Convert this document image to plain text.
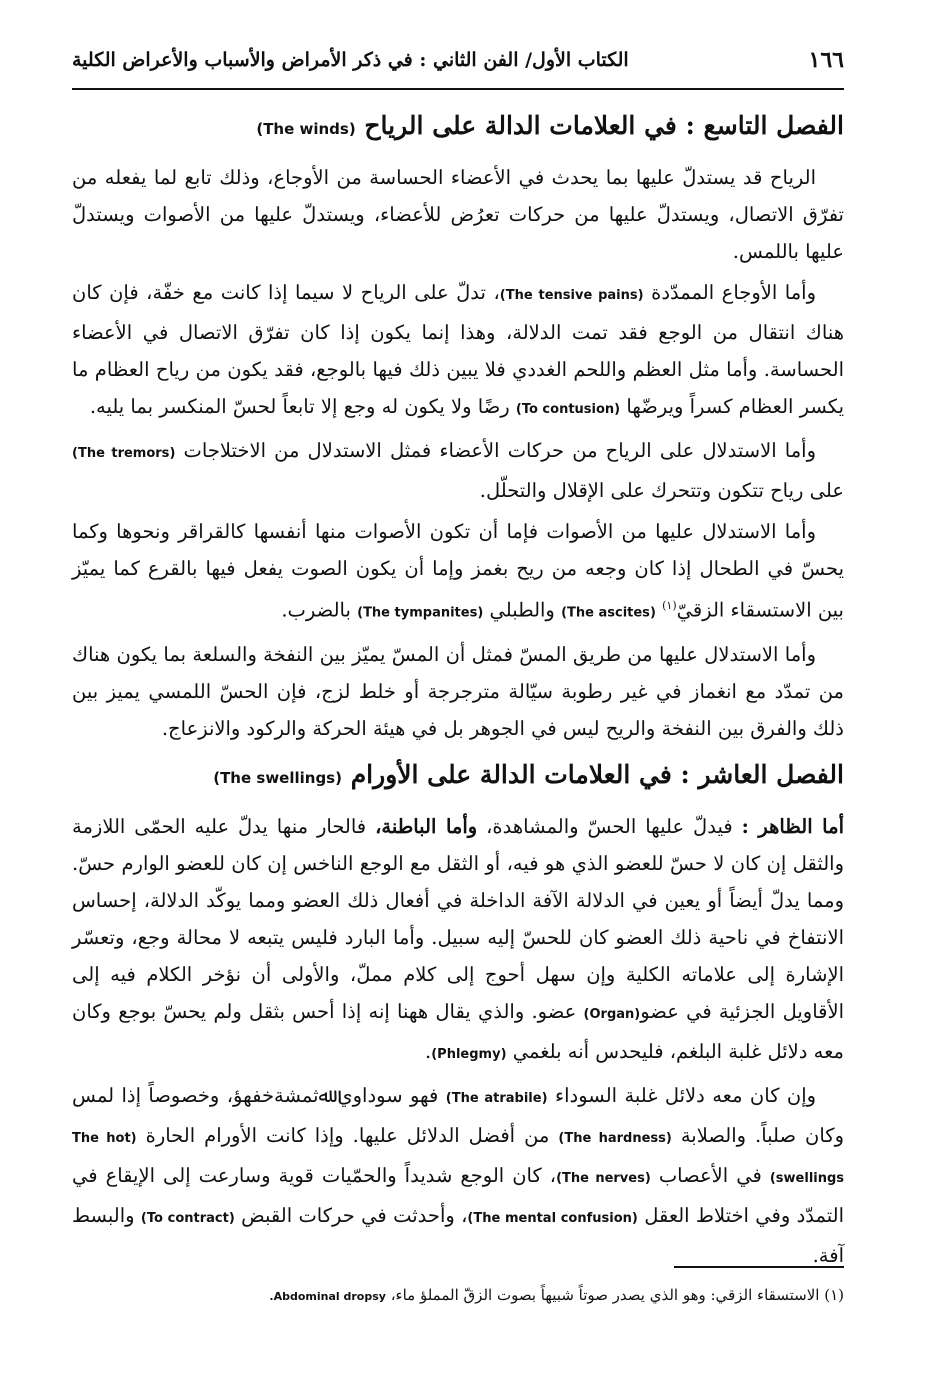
١٦٦
الكتاب الأول/ الفن الثاني : في ذكر الأمراض والأسباب والأعراض الكلية
الفصل التاسع : في العلامات الدالة على الرياح (The winds)

الرياح قد يستدلّ عليها بما يحدث في الأعضاء الحساسة من الأوجاع، وذلك تابع لما يفعله من تفرّق الاتصال، ويستدلّ عليها من حركات تعرُض للأعضاء، ويستدلّ عليها من الأصوات ويستدلّ عليها باللمس.

وأما الأوجاع الممدّدة (The tensive pains)، تدلّ على الرياح لا سيما إذا كانت مع خفّة، فإن كان هناك انتقال من الوجع فقد تمت الدلالة، وهذا إنما يكون إذا كان تفرّق الاتصال في الأعضاء الحساسة. وأما مثل العظم واللحم الغددي فلا يبين ذلك فيها بالوجع، فقد يكون من رياح العظام ما يكسر العظام كسراً ويرضّها (To contusion) رضًا ولا يكون له وجع إلا تابعاً لحسّ المنكسر بما يليه.

وأما الاستدلال على الرياح من حركات الأعضاء فمثل الاستدلال من الاختلاجات (The tremors) على رياح تتكون وتتحرك على الإقلال والتحلّل.

وأما الاستدلال عليها من الأصوات فإما أن تكون الأصوات منها أنفسها كالقراقر ونحوها وكما يحسّ في الطحال إذا كان وجعه من ريح بغمز وإما أن يكون الصوت يفعل فيها بالقرع كما يميّز بين الاستسقاء الزقيّ$^{(١)}$ (The ascites) والطبلي (The tympanites) بالضرب.

وأما الاستدلال عليها من طريق المسّ فمثل أن المسّ يميّز بين النفخة والسلعة بما يكون هناك من تمدّد مع انغماز في غير رطوبة سيّالة مترجرجة أو خلط لزج، فإن الحسّ اللمسي يميز بين ذلك والفرق بين النفخة والريح ليس في الجوهر بل في هيئة الحركة والركود والانزعاج.

الفصل العاشر : في العلامات الدالة على الأورام (The swellings)

أما الظاهر : فيدلّ عليها الحسّ والمشاهدة، وأما الباطنة، فالحار منها يدلّ عليه الحمّى اللازمة والثقل إن كان لا حسّ للعضو الذي هو فيه، أو الثقل مع الوجع الناخس إن كان للعضو الوارم حسّ. ومما يدلّ أيضاً أو يعين في الدلالة الآفة الداخلة في أفعال ذلك العضو ومما يوكّد الدلالة، إحساس الانتفاخ في ناحية ذلك العضو كان للحسّ إليه سبيل. وأما البارد فليس يتبعه لا محالة وجع، وتعسّر الإشارة إلى علاماته الكلية وإن سهل أحوج إلى كلام مملّ، والأولى أن نؤخر الكلام فيه إلى الأقاويل الجزئية في عضو(Organ) عضو. والذي يقال ههنا إنه إذا أحس بثقل ولم يحسّ بوجع وكان معه دلائل غلبة البلغم، فليحدس أنه بلغمي (Phlegmy).

وإن كان معه دلائل غلبة السوداء (The atrabile) فهو سوداوي ﷲثمشةخفهؤ، وخصوصاً إذا لمس وكان صلباً. والصلابة (The hardness) من أفضل الدلائل عليها. وإذا كانت الأورام الحارة (The hot swellings) في الأعصاب (The nerves)، كان الوجع شديداً والحمّيات قوية وسارعت إلى الإيقاع في التمدّد وفي اختلاط العقل (The mental confusion)، وأحدثت في حركات القبض (To contract) والبسط آفة.

(١) الاستسقاء الزقي: وهو الذي يصدر صوتاً شبيهاً بصوت الزقّ المملؤ ماء، Abdominal dropsy.
